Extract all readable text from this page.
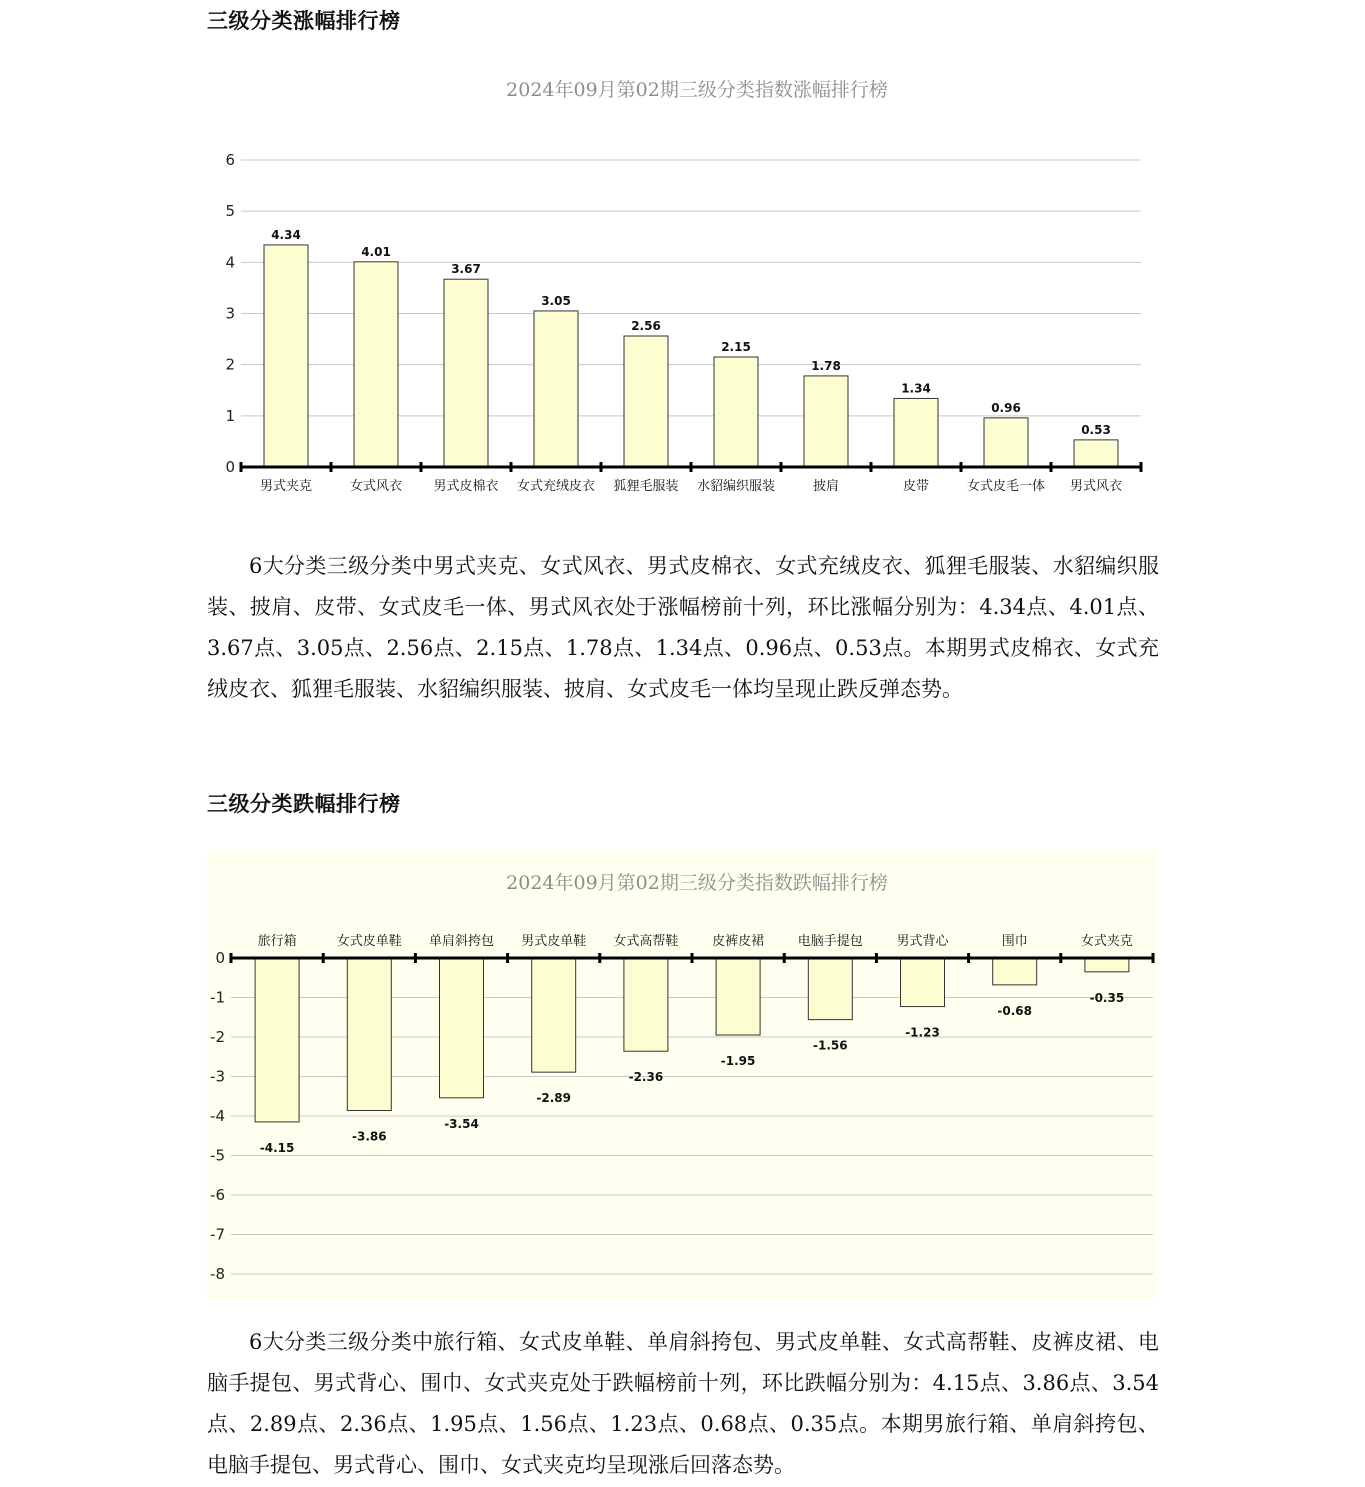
三级分类涨幅排行榜
2024年09月第02期三级分类指数涨幅排行榜
0
1
2
3
4
5
6
4.34
男式夹克
4.01
女式风衣
3.67
男式皮棉衣
3.05
女式充绒皮衣
2.56
狐狸毛服装
2.15
水貂编织服装
1.78
披肩
1.34
皮带
0.96
女式皮毛一体
0.53
男式风衣

6大分类三级分类中男式夹克、女式风衣、男式皮棉衣、女式充绒皮衣、狐狸毛服装、水貂编织服装、披肩、皮带、女式皮毛一体、男式风衣处于涨幅榜前十列，环比涨幅分别为：4.34点、4.01点、3.67点、3.05点、2.56点、2.15点、1.78点、1.34点、0.96点、0.53点。本期男式皮棉衣、女式充绒皮衣、狐狸毛服装、水貂编织服装、披肩、女式皮毛一体均呈现止跌反弹态势。

三级分类跌幅排行榜
2024年09月第02期三级分类指数跌幅排行榜
0
-1
-2
-3
-4
-5
-6
-7
-8
-4.15
旅行箱
-3.86
女式皮单鞋
-3.54
单肩斜挎包
-2.89
男式皮单鞋
-2.36
女式高帮鞋
-1.95
皮裤皮裙
-1.56
电脑手提包
-1.23
男式背心
-0.68
围巾
-0.35
女式夹克

6大分类三级分类中旅行箱、女式皮单鞋、单肩斜挎包、男式皮单鞋、女式高帮鞋、皮裤皮裙、电脑手提包、男式背心、围巾、女式夹克处于跌幅榜前十列，环比跌幅分别为：4.15点、3.86点、3.54点、2.89点、2.36点、1.95点、1.56点、1.23点、0.68点、0.35点。本期男旅行箱、单肩斜挎包、电脑手提包、男式背心、围巾、女式夹克均呈现涨后回落态势。
